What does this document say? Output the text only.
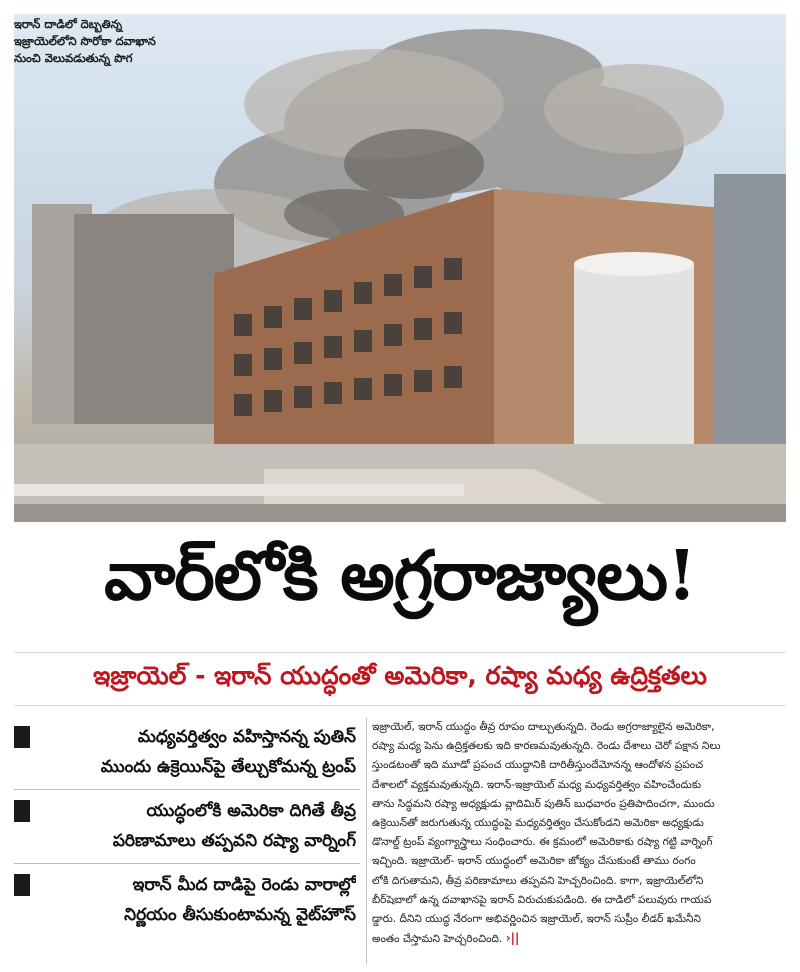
ఇరాన్ దాడిలో దెబ్బతిన్న
ఇజ్రాయెల్‌లోని సొరోకా దవాఖాన
నుంచి వెలువడుతున్న పొగ
వార్‌లోకి అగ్రరాజ్యాలు!
ఇజ్రాయెల్ - ఇరాన్ యుద్ధంతో అమెరికా, రష్యా మధ్య ఉద్రిక్తతలు
మధ్యవర్తిత్వం వహిస్తానన్న పుతిన్
ముందు ఉక్రెయిన్‌పై తేల్చుకోమన్న ట్రంప్
యుద్ధంలోకి అమెరికా దిగితే తీవ్ర
పరిణామాలు తప్పవని రష్యా వార్నింగ్
ఇరాన్ మీద దాడిపై రెండు వారాల్లో
నిర్ణయం తీసుకుంటామన్న వైట్‌హౌస్
ఇజ్రాయెల్, ఇరాన్ యుద్ధం తీవ్ర రూపం దాల్చుతున్నది. రెండు అగ్రరాజ్యాలైన అమెరికా,
రష్యా మధ్య పెను ఉద్రిక్తతలకు ఇది కారణమవుతున్నది. రెండు దేశాలు చెరో పక్షాన నిలు
స్తుండటంతో ఇది మూడో ప్రపంచ యుద్ధానికి దారితీస్తుందేమోనన్న ఆందోళన ప్రపంచ
దేశాలలో వ్యక్తమవుతున్నది. ఇరాన్-ఇజ్రాయెల్ మధ్య మధ్యవర్తిత్వం వహించేందుకు
తాను సిద్ధమని రష్యా అధ్యక్షుడు వ్లాదిమిర్ పుతిన్ బుధవారం ప్రతిపాదించగా, ముందు
ఉక్రెయిన్‌తో జరుగుతున్న యుద్ధంపై మధ్యవర్తిత్వం చేసుకోండని అమెరికా అధ్యక్షుడు
డొనాల్డ్ ట్రంప్ వ్యంగ్యాస్త్రాలు సంధించారు. ఈ క్రమంలో అమెరికాకు రష్యా గట్టి వార్నింగ్
ఇచ్చింది. ఇజ్రాయెల్- ఇరాన్ యుద్ధంలో అమెరికా జోక్యం చేసుకుంటే తాము రంగం
లోకి దిగుతామని, తీవ్ర పరిణామాలు తప్పవని హెచ్చరించింది. కాగా, ఇజ్రాయెల్‌లోని
బీర్‌షెబాలో ఉన్న దవాఖానపై ఇరాన్ విరుచుకుపడింది. ఈ దాడిలో పలువురు గాయప
డ్డారు. దీనిని యుద్ధ నేరంగా అభివర్ణించిన ఇజ్రాయెల్, ఇరాన్ సుప్రీం లీడర్ ఖమేనీని
అంతం చేస్తామని హెచ్చరించింది. ›||
